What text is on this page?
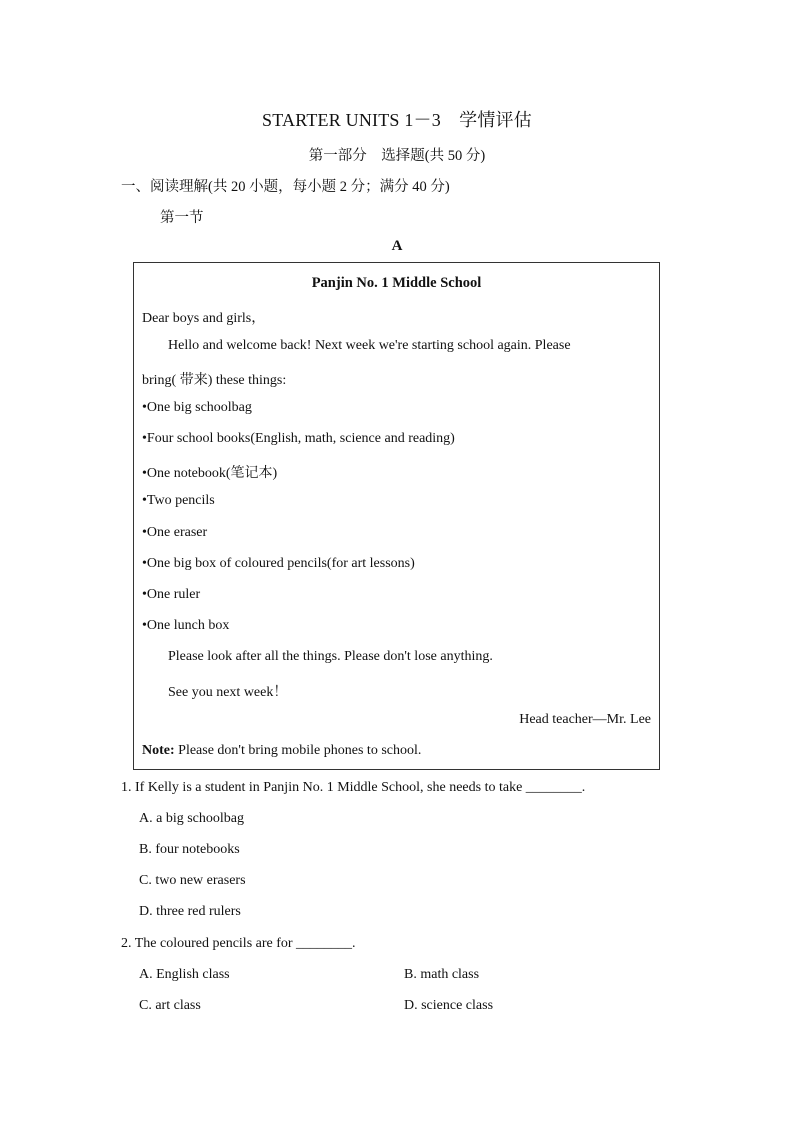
STARTER UNITS 1－3　学情评估
第一部分　选择题(共 50 分)
一、阅读理解(共 20 小题，每小题 2 分；满分 40 分)
第一节
A
Panjin No. 1 Middle School
Dear boys and girls，
Hello and welcome back! Next week we're starting school again. Please
bring( 带来) these things:
•One big schoolbag
•Four school books(English, math, science and reading)
•One notebook(笔记本)
•Two pencils
•One eraser
•One big box of coloured pencils(for art lessons)
•One ruler
•One lunch box
Please look after all the things. Please don't lose anything.
See you next week！
Head teacher—Mr. Lee
Note: Please don't bring mobile phones to school.
1. If Kelly is a student in Panjin No. 1 Middle School, she needs to take ________.
A. a big schoolbag
B. four notebooks
C. two new erasers
D. three red rulers
2. The coloured pencils are for ________.
A. English class	B. math class
C. art class	D. science class
